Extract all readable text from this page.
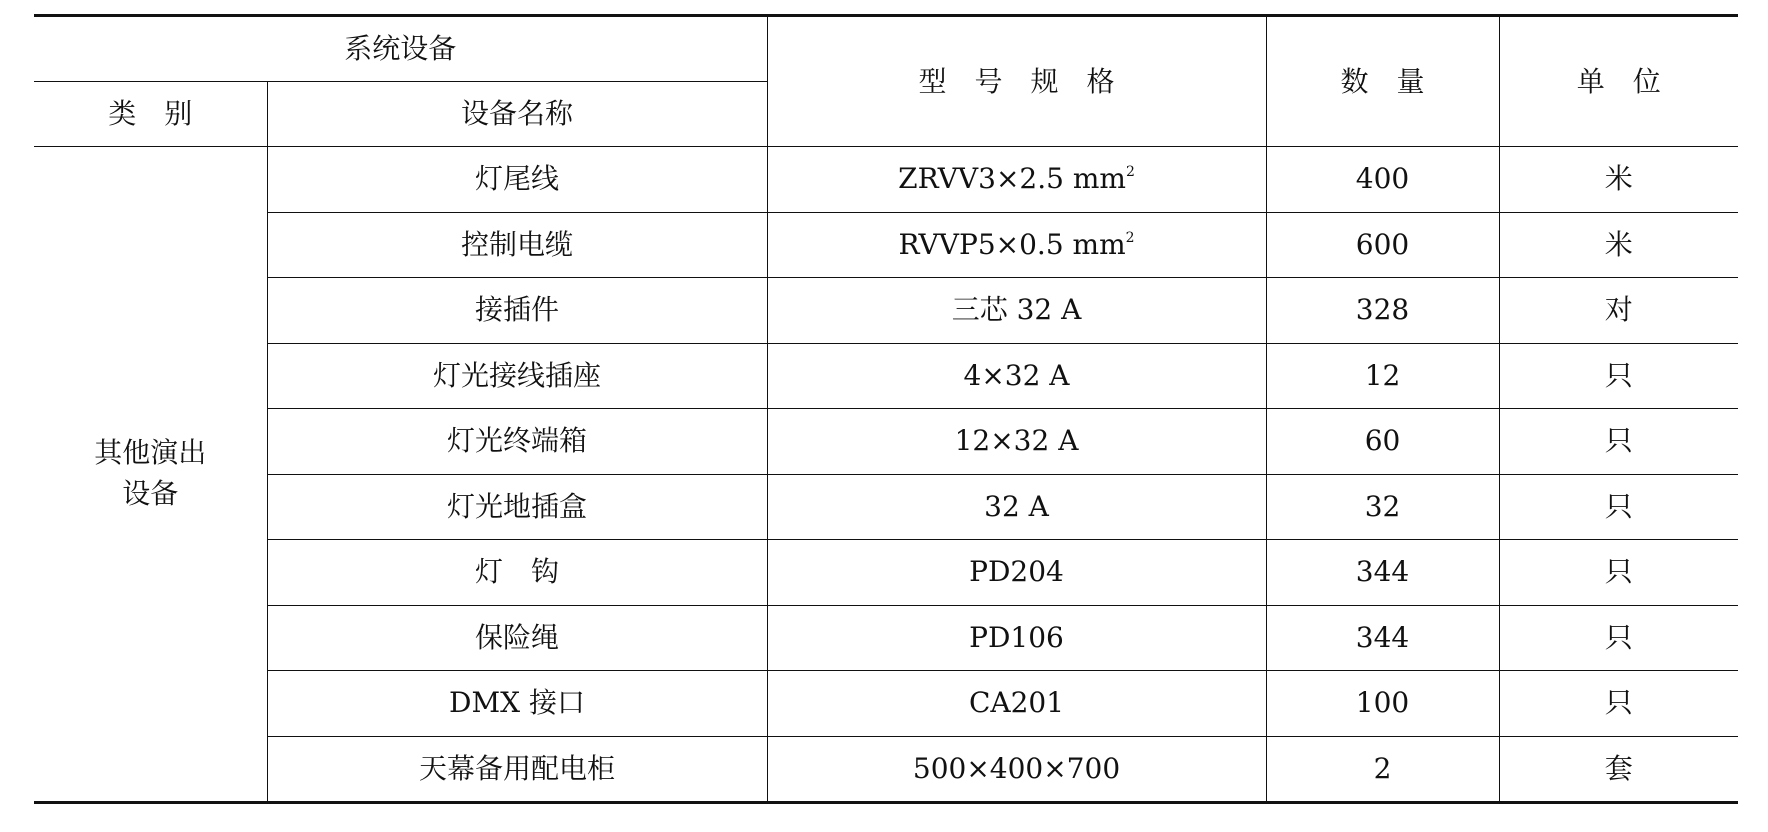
系统设备		型　号　规　格	数　量	单　位
类　别	设备名称			

其他演出
设备	灯尾线	ZRVV3×2.5 $mm^2$	400	米
	控制电缆	RVVP5×0.5 $mm^2$	600	米
	接插件	三芯 32 A	328	对
	灯光接线插座	4×32 A	12	只
	灯光终端箱	12×32 A	60	只
	灯光地插盒	32 A	32	只
	灯　钩	PD204	344	只
	保险绳	PD106	344	只
	DMX 接口	CA201	100	只
	天幕备用配电柜	500×400×700	2	套
